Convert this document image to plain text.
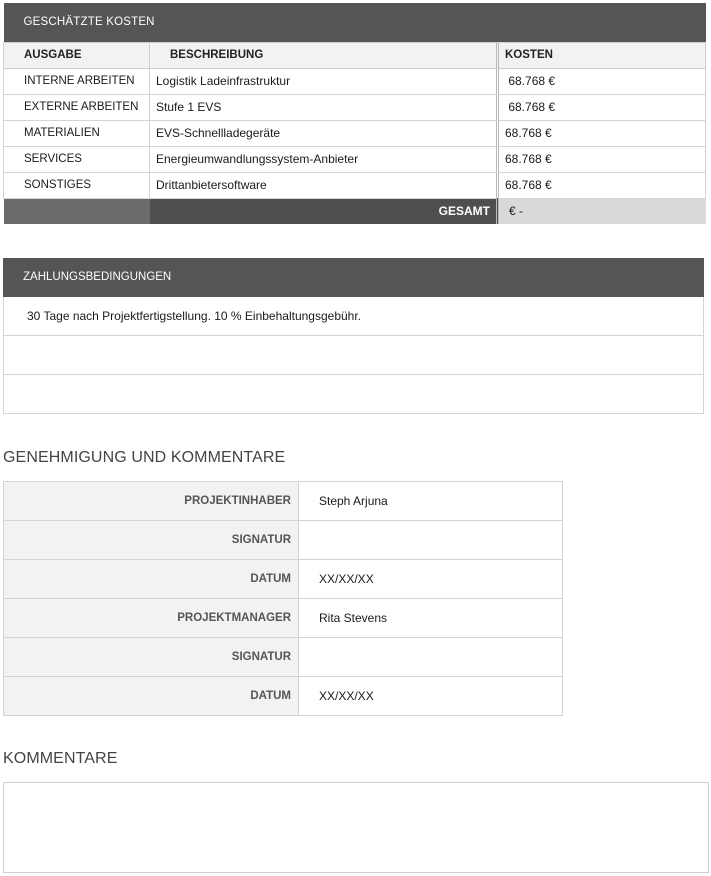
GESCHÄTZTE KOSTEN		
AUSGABE	BESCHREIBUNG	KOSTEN
INTERNE ARBEITEN	Logistik Ladeinfrastruktur	68.768 €
EXTERNE ARBEITEN	Stufe 1 EVS	68.768 €
MATERIALIEN	EVS-Schnellladegeräte	68.768 €
SERVICES	Energieumwandlungssystem-Anbieter	68.768 €
SONSTIGES	Drittanbietersoftware	68.768 €
	GESAMT	€ -
ZAHLUNGSBEDINGUNGEN
30 Tage nach Projektfertigstellung. 10 % Einbehaltungsgebühr.
GENEHMIGUNG UND KOMMENTARE
PROJEKTINHABER	Steph Arjuna
SIGNATUR	
DATUM	XX/XX/XX
PROJEKTMANAGER	Rita Stevens
SIGNATUR	
DATUM	XX/XX/XX
KOMMENTARE
